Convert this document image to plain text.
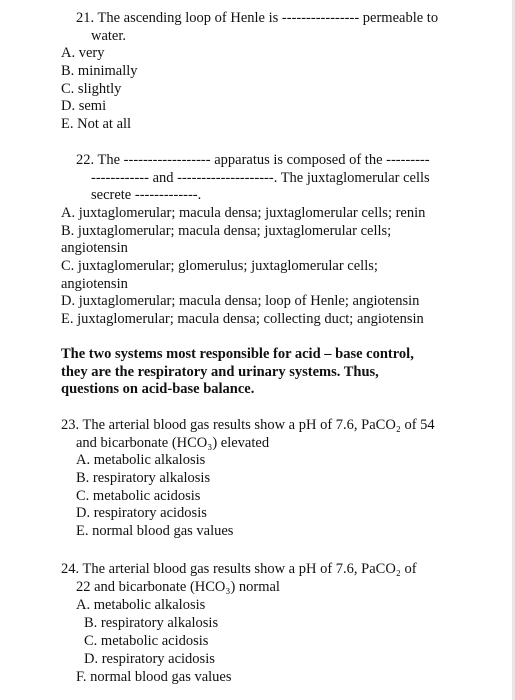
21. The ascending loop of Henle is ---------------- permeable to
water.
A. very
B. minimally
C. slightly
D. semi
E. Not at all
22. The ------------------ apparatus is composed of the ---------
------------ and --------------------. The juxtaglomerular cells
secrete -------------.
A. juxtaglomerular; macula densa; juxtaglomerular cells; renin
B. juxtaglomerular; macula densa; juxtaglomerular cells;
angiotensin
C. juxtaglomerular; glomerulus; juxtaglomerular cells;
angiotensin
D. juxtaglomerular; macula densa; loop of Henle; angiotensin
E. juxtaglomerular; macula densa; collecting duct; angiotensin
The two systems most responsible for acid – base control,
they are the respiratory and urinary systems. Thus,
questions on acid-base balance.
23. The arterial blood gas results show a pH of 7.6, PaCO₂ of 54
and bicarbonate (HCO₃) elevated
A. metabolic alkalosis
B. respiratory alkalosis
C. metabolic acidosis
D. respiratory acidosis
E. normal blood gas values
24. The arterial blood gas results show a pH of 7.6, PaCO₂ of
22 and bicarbonate (HCO₃) normal
A. metabolic alkalosis
B. respiratory alkalosis
C. metabolic acidosis
D. respiratory acidosis
F. normal blood gas values
